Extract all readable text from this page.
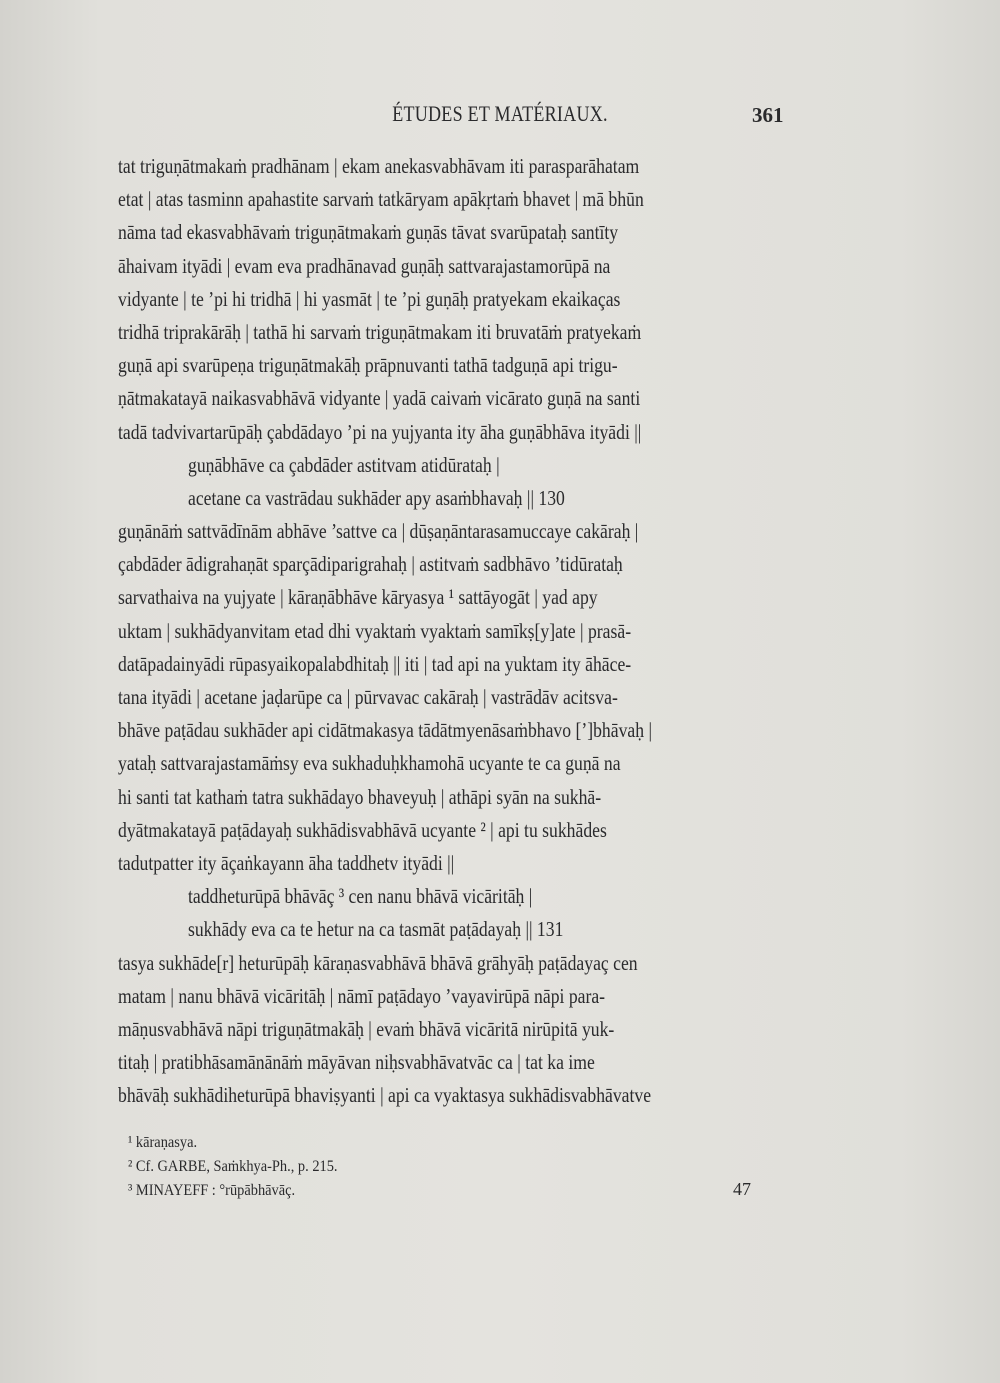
ÉTUDES ET MATÉRIAUX.	361
tat triguṇātmakaṁ pradhānam | ekam anekasvabhāvam iti parasparāhatam
etat | atas tasminn apahastite sarvaṁ tatkāryam apākṛtaṁ bhavet | mā bhūn
nāma tad ekasvabhāvaṁ triguṇātmakaṁ guṇās tāvat svarūpataḥ santīty
āhaivam ityādi | evam eva pradhānavad guṇāḥ sattvarajastamorūpā na
vidyante | te ’pi hi tridhā | hi yasmāt | te ’pi guṇāḥ pratyekam ekaikaças
tridhā triprakārāḥ | tathā hi sarvaṁ triguṇātmakam iti bruvatāṁ pratyekaṁ
guṇā api svarūpeṇa triguṇātmakāḥ prāpnuvanti tathā tadguṇā api trigu-
ṇātmakatayā naikasvabhāvā vidyante | yadā caivaṁ vicārato guṇā na santi
tadā tadvivartarūpāḥ çabdādayo ’pi na yujyanta ity āha guṇābhāva ityādi ||
guṇābhāve ca çabdāder astitvam atidūrataḥ |
acetane ca vastrādau sukhāder apy asaṁbhavaḥ || 130
guṇānāṁ sattvādīnām abhāve ’sattve ca | dūṣaṇāntarasamuccaye cakāraḥ |
çabdāder ādigrahaṇāt sparçādiparigrahaḥ | astitvaṁ sadbhāvo ’tidūrataḥ
sarvathaiva na yujyate | kāraṇābhāve kāryasya ¹ sattāyogāt | yad apy
uktam | sukhādyanvitam etad dhi vyaktaṁ vyaktaṁ samīkṣ[y]ate | prasā-
datāpadainyādi rūpasyaikopalabdhitaḥ || iti | tad api na yuktam ity āhāce-
tana ityādi | acetane jaḍarūpe ca | pūrvavac cakāraḥ | vastrādāv acitsva-
bhāve paṭādau sukhāder api cidātmakasya tādātmyenāsaṁbhavo [’]bhāvaḥ |
yataḥ sattvarajastamāṁsy eva sukhaduḥkhamohā ucyante te ca guṇā na
hi santi tat kathaṁ tatra sukhādayo bhaveyuḥ | athāpi syān na sukhā-
dyātmakatayā paṭādayaḥ sukhādisvabhāvā ucyante ² | api tu sukhādes
tadutpatter ity āçaṅkayann āha taddhetv ityādi ||
taddheturūpā bhāvāç ³ cen nanu bhāvā vicāritāḥ |
sukhādy eva ca te hetur na ca tasmāt paṭādayaḥ || 131
tasya sukhāde[r] heturūpāḥ kāraṇasvabhāvā bhāvā grāhyāḥ paṭādayaç cen
matam | nanu bhāvā vicāritāḥ | nāmī paṭādayo ’vayavirūpā nāpi para-
māṇusvabhāvā nāpi triguṇātmakāḥ | evaṁ bhāvā vicāritā nirūpitā yuk-
titaḥ | pratibhāsamānānāṁ māyāvan niḥsvabhāvatvāc ca | tat ka ime
bhāvāḥ sukhādiheturūpā bhaviṣyanti | api ca vyaktasya sukhādisvabhāvatve
¹ kāraṇasya.
² Cf. GARBE, Saṁkhya-Ph., p. 215.
³ MINAYEFF : °rūpābhāvāç.	47
